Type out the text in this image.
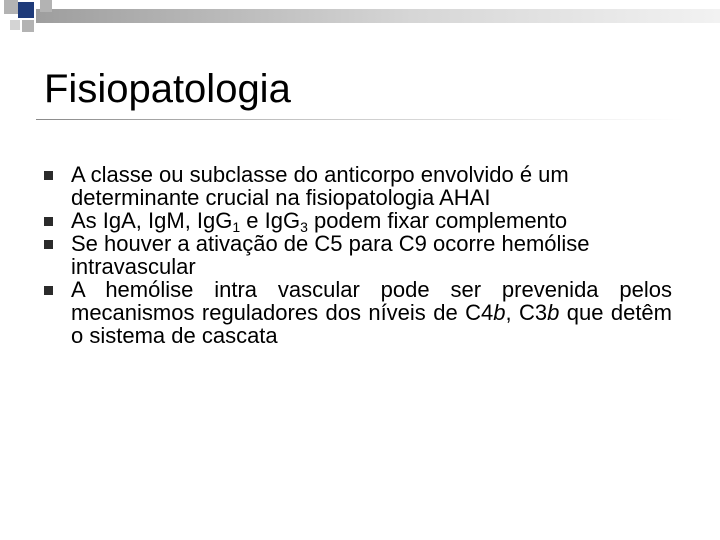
Fisiopatologia
A classe ou subclasse do anticorpo envolvido é um determinante crucial na fisiopatologia AHAI
As IgA, IgM, IgG$_1$ e IgG$_3$ podem fixar complemento
Se houver a ativação de C5 para C9 ocorre hemólise intravascular
A hemólise intra vascular pode ser prevenida pelos mecanismos reguladores dos níveis de C4b, C3b que detêm o sistema de cascata
